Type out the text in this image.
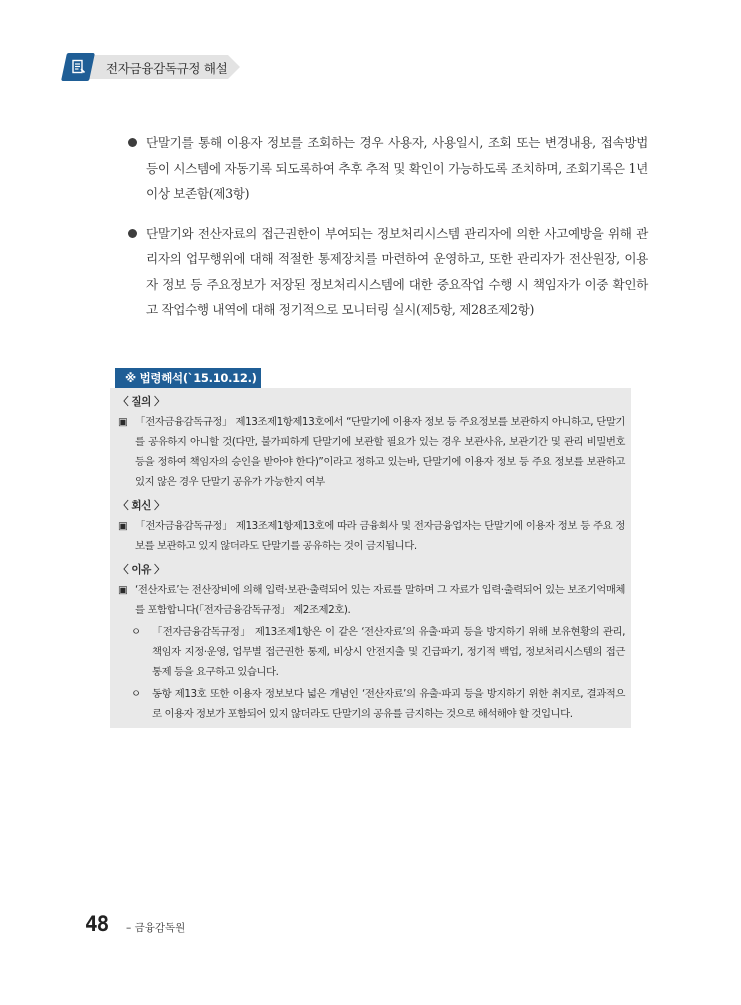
전자금융감독규정 해설
단말기를 통해 이용자 정보를 조회하는 경우 사용자, 사용일시, 조회 또는 변경내용, 접속방법 등이 시스템에 자동기록 되도록하여 추후 추적 및 확인이 가능하도록 조치하며, 조회기록은 1년 이상 보존함(제3항)
단말기와 전산자료의 접근권한이 부여되는 정보처리시스템 관리자에 의한 사고예방을 위해 관리자의 업무행위에 대해 적절한 통제장치를 마련하여 운영하고, 또한 관리자가 전산원장, 이용자 정보 등 주요정보가 저장된 정보처리시스템에 대한 중요작업 수행 시 책임자가 이중 확인하고 작업수행 내역에 대해 정기적으로 모니터링 실시(제5항, 제28조제2항)
※ 법령해석(`15.10.12.)
〈 질의 〉
▣ 「전자금융감독규정」 제13조제1항제13호에서 “단말기에 이용자 정보 등 주요정보를 보관하지 아니하고, 단말기를 공유하지 아니할 것(다만, 불가피하게 단말기에 보관할 필요가 있는 경우 보관사유, 보관기간 및 관리 비밀번호 등을 정하여 책임자의 승인을 받아야 한다)”이라고 정하고 있는바, 단말기에 이용자 정보 등 주요 정보를 보관하고 있지 않은 경우 단말기 공유가 가능한지 여부
〈 회신 〉
▣ 「전자금융감독규정」 제13조제1항제13호에 따라 금융회사 및 전자금융업자는 단말기에 이용자 정보 등 주요 정보를 보관하고 있지 않더라도 단말기를 공유하는 것이 금지됩니다.
〈 이유 〉
▣ ‘전산자료’는 전산장비에 의해 입력·보관·출력되어 있는 자료를 말하며 그 자료가 입력·출력되어 있는 보조기억매체를 포함합니다(「전자금융감독규정」 제2조제2호).
ㅇ 「전자금융감독규정」 제13조제1항은 이 같은 ‘전산자료’의 유출·파괴 등을 방지하기 위해 보유현황의 관리, 책임자 지정·운영, 업무별 접근권한 통제, 비상시 안전지출 및 긴급파기, 정기적 백업, 정보처리시스템의 접근 통제 등을 요구하고 있습니다.
ㅇ 동항 제13호 또한 이용자 정보보다 넓은 개념인 ‘전산자료’의 유출·파괴 등을 방지하기 위한 취지로, 결과적으로 이용자 정보가 포함되어 있지 않더라도 단말기의 공유를 금지하는 것으로 해석해야 할 것입니다.
48 – 금융감독원
